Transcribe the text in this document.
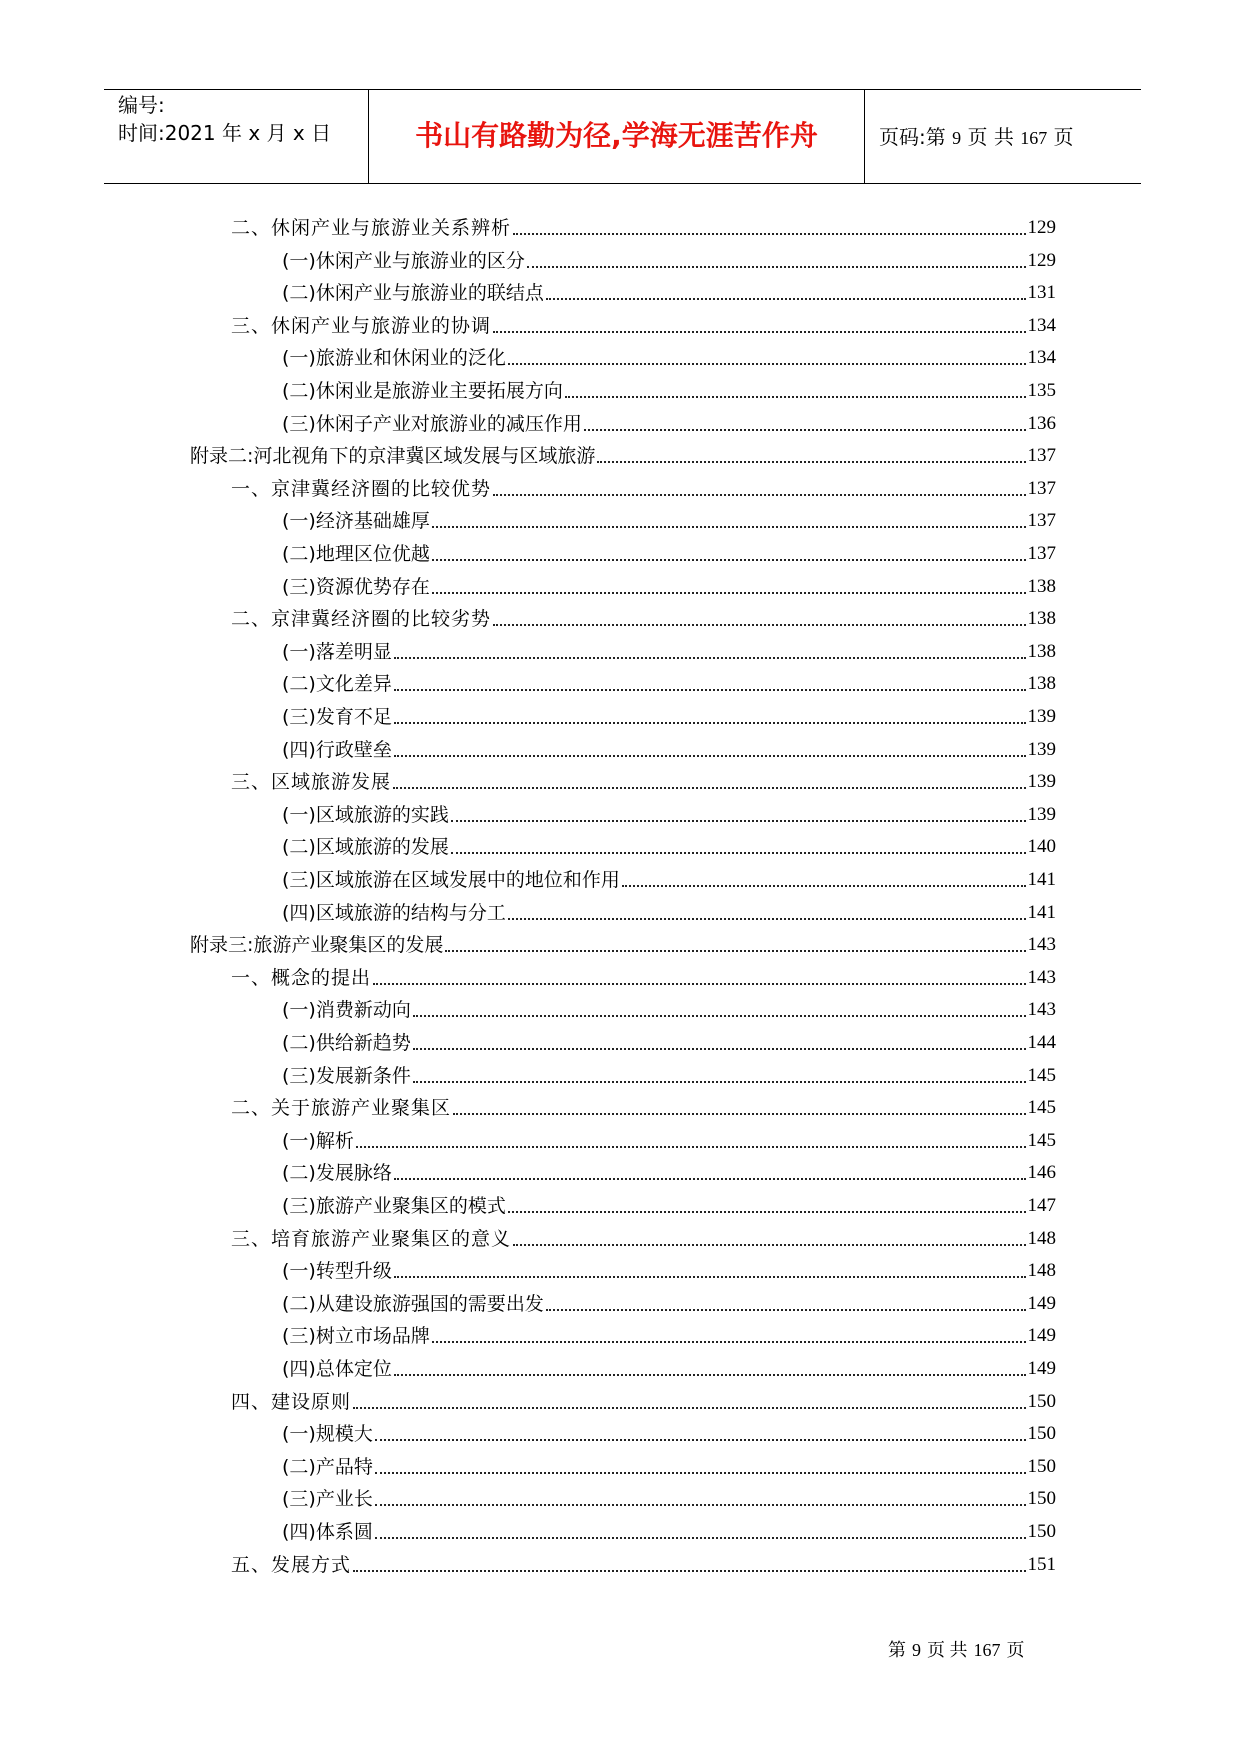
编号:
时间:2021 年 x 月 x 日	书山有路勤为径,学海无涯苦作舟	页码:第 9 页 共 167 页
二、休闲产业与旅游业关系辨析	129
(一)休闲产业与旅游业的区分	129
(二)休闲产业与旅游业的联结点	131
三、休闲产业与旅游业的协调	134
(一)旅游业和休闲业的泛化	134
(二)休闲业是旅游业主要拓展方向	135
(三)休闲子产业对旅游业的减压作用	136
附录二:河北视角下的京津冀区域发展与区域旅游	137
一、京津冀经济圈的比较优势	137
(一)经济基础雄厚	137
(二)地理区位优越	137
(三)资源优势存在	138
二、京津冀经济圈的比较劣势	138
(一)落差明显	138
(二)文化差异	138
(三)发育不足	139
(四)行政壁垒	139
三、区域旅游发展	139
(一)区域旅游的实践	139
(二)区域旅游的发展	140
(三)区域旅游在区域发展中的地位和作用	141
(四)区域旅游的结构与分工	141
附录三:旅游产业聚集区的发展	143
一、概念的提出	143
(一)消费新动向	143
(二)供给新趋势	144
(三)发展新条件	145
二、关于旅游产业聚集区	145
(一)解析	145
(二)发展脉络	146
(三)旅游产业聚集区的模式	147
三、培育旅游产业聚集区的意义	148
(一)转型升级	148
(二)从建设旅游强国的需要出发	149
(三)树立市场品牌	149
(四)总体定位	149
四、建设原则	150
(一)规模大	150
(二)产品特	150
(三)产业长	150
(四)体系圆	150
五、发展方式	151
第 9 页 共 167 页
